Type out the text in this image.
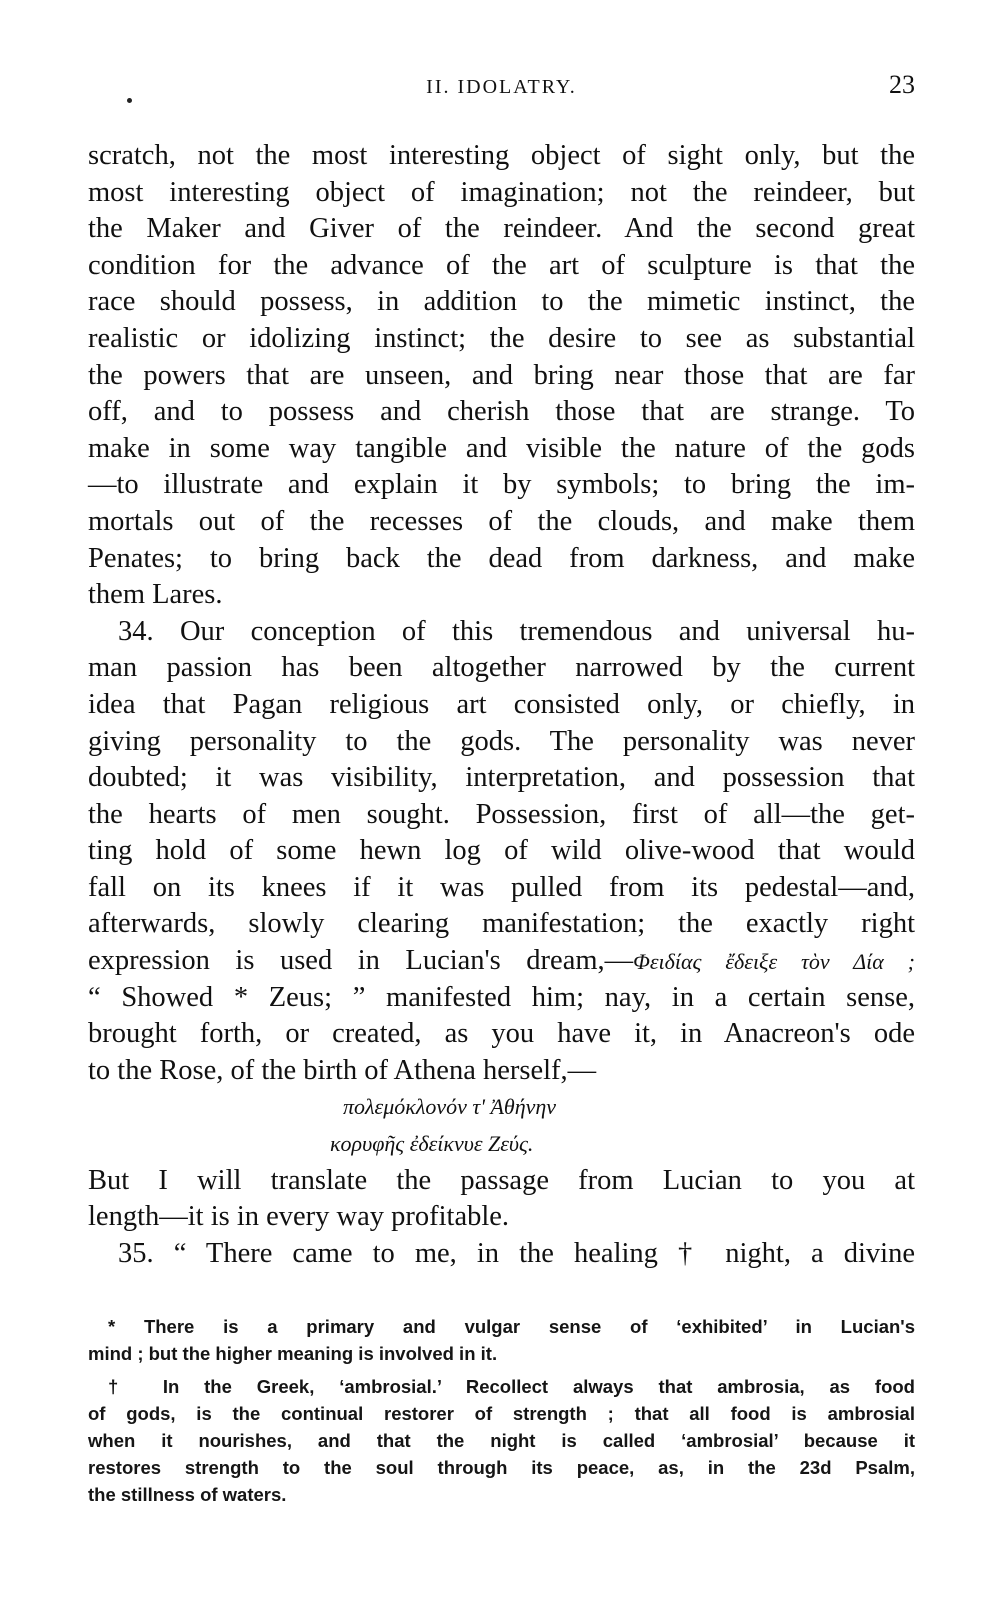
II. IDOLATRY.	23
scratch, not the most interesting object of sight only, but the
most interesting object of imagination; not the reindeer, but
the Maker and Giver of the reindeer. And the second great
condition for the advance of the art of sculpture is that the
race should possess, in addition to the mimetic instinct, the
realistic or idolizing instinct; the desire to see as substantial
the powers that are unseen, and bring near those that are far
off, and to possess and cherish those that are strange. To
make in some way tangible and visible the nature of the gods
—to illustrate and explain it by symbols; to bring the im-
mortals out of the recesses of the clouds, and make them
Penates; to bring back the dead from darkness, and make
them Lares.
34. Our conception of this tremendous and universal hu-
man passion has been altogether narrowed by the current
idea that Pagan religious art consisted only, or chiefly, in
giving personality to the gods. The personality was never
doubted; it was visibility, interpretation, and possession that
the hearts of men sought. Possession, first of all—the get-
ting hold of some hewn log of wild olive-wood that would
fall on its knees if it was pulled from its pedestal—and,
afterwards, slowly clearing manifestation; the exactly right
expression is used in Lucian's dream,—Φειδίας ἔδειξε τὸν Δία ;
“ Showed * Zeus; ” manifested him; nay, in a certain sense,
brought forth, or created, as you have it, in Anacreon's ode
to the Rose, of the birth of Athena herself,—
πολεμόκλονόν τ' Ἀθήνην
κορυφῆς ἐδείκνυε Ζεύς.
But I will translate the passage from Lucian to you at
length—it is in every way profitable.
35. “ There came to me, in the healing † night, a divine
* There is a primary and vulgar sense of ‘exhibited’ in Lucian's
mind ; but the higher meaning is involved in it.
† In the Greek, ‘ambrosial.’ Recollect always that ambrosia, as food
of gods, is the continual restorer of strength ; that all food is ambrosial
when it nourishes, and that the night is called ‘ambrosial’ because it
restores strength to the soul through its peace, as, in the 23d Psalm,
the stillness of waters.
